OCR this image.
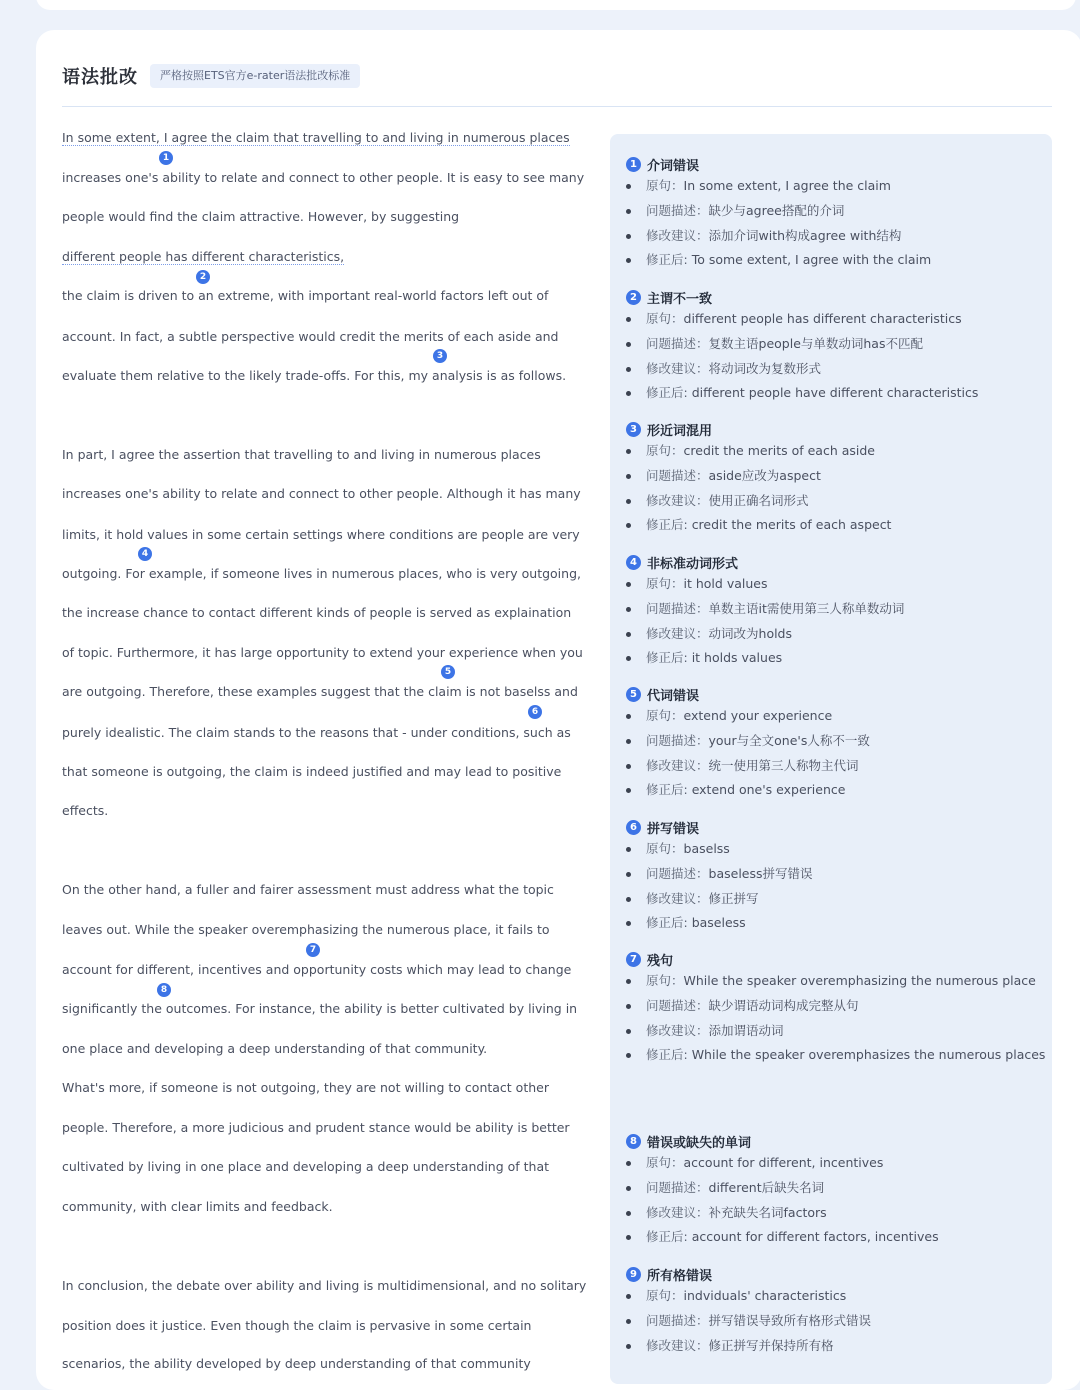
语法批改	严格按照ETS官方e-rater语法批改标准
In some extent, I agree the claim that travelling to and living in numerous places
increases one's ability to relate and connect to other people. It is easy to see many
people would find the claim attractive. However, by suggesting
different people has different characteristics,
the claim is driven to an extreme, with important real-world factors left out of
account. In fact, a subtle perspective would credit the merits of each aside and
evaluate them relative to the likely trade-offs. For this, my analysis is as follows.
In part, I agree the assertion that travelling to and living in numerous places
increases one's ability to relate and connect to other people. Although it has many
limits, it hold values in some certain settings where conditions are people are very
outgoing. For example, if someone lives in numerous places, who is very outgoing,
the increase chance to contact different kinds of people is served as explaination
of topic. Furthermore, it has large opportunity to extend your experience when you
are outgoing. Therefore, these examples suggest that the claim is not baselss and
purely idealistic. The claim stands to the reasons that - under conditions, such as
that someone is outgoing, the claim is indeed justified and may lead to positive
effects.
On the other hand, a fuller and fairer assessment must address what the topic
leaves out. While the speaker overemphasizing the numerous place, it fails to
account for different, incentives and opportunity costs which may lead to change
significantly the outcomes. For instance, the ability is better cultivated by living in
one place and developing a deep understanding of that community.
What's more, if someone is not outgoing, they are not willing to contact other
people. Therefore, a more judicious and prudent stance would be ability is better
cultivated by living in one place and developing a deep understanding of that
community, with clear limits and feedback.
In conclusion, the debate over ability and living is multidimensional, and no solitary
position does it justice. Even though the claim is pervasive in some certain
scenarios, the ability developed by deep understanding of that community
1
2
3
4
5
6
7
8
1 介词错误
原句：In some extent, I agree the claim
问题描述：缺少与agree搭配的介词
修改建议：添加介词with构成agree with结构
修正后: To some extent, I agree with the claim
2 主谓不一致
原句：different people has different characteristics
问题描述：复数主语people与单数动词has不匹配
修改建议：将动词改为复数形式
修正后: different people have different characteristics
3 形近词混用
原句：credit the merits of each aside
问题描述：aside应改为aspect
修改建议：使用正确名词形式
修正后: credit the merits of each aspect
4 非标准动词形式
原句：it hold values
问题描述：单数主语it需使用第三人称单数动词
修改建议：动词改为holds
修正后: it holds values
5 代词错误
原句：extend your experience
问题描述：your与全文one's人称不一致
修改建议：统一使用第三人称物主代词
修正后: extend one's experience
6 拼写错误
原句：baselss
问题描述：baseless拼写错误
修改建议：修正拼写
修正后: baseless
7 残句
原句：While the speaker overemphasizing the numerous place
问题描述：缺少谓语动词构成完整从句
修改建议：添加谓语动词
修正后: While the speaker overemphasizes the numerous places
8 错误或缺失的单词
原句：account for different, incentives
问题描述：different后缺失名词
修改建议：补充缺失名词factors
修正后: account for different factors, incentives
9 所有格错误
原句：indviduals' characteristics
问题描述：拼写错误导致所有格形式错误
修改建议：修正拼写并保持所有格
